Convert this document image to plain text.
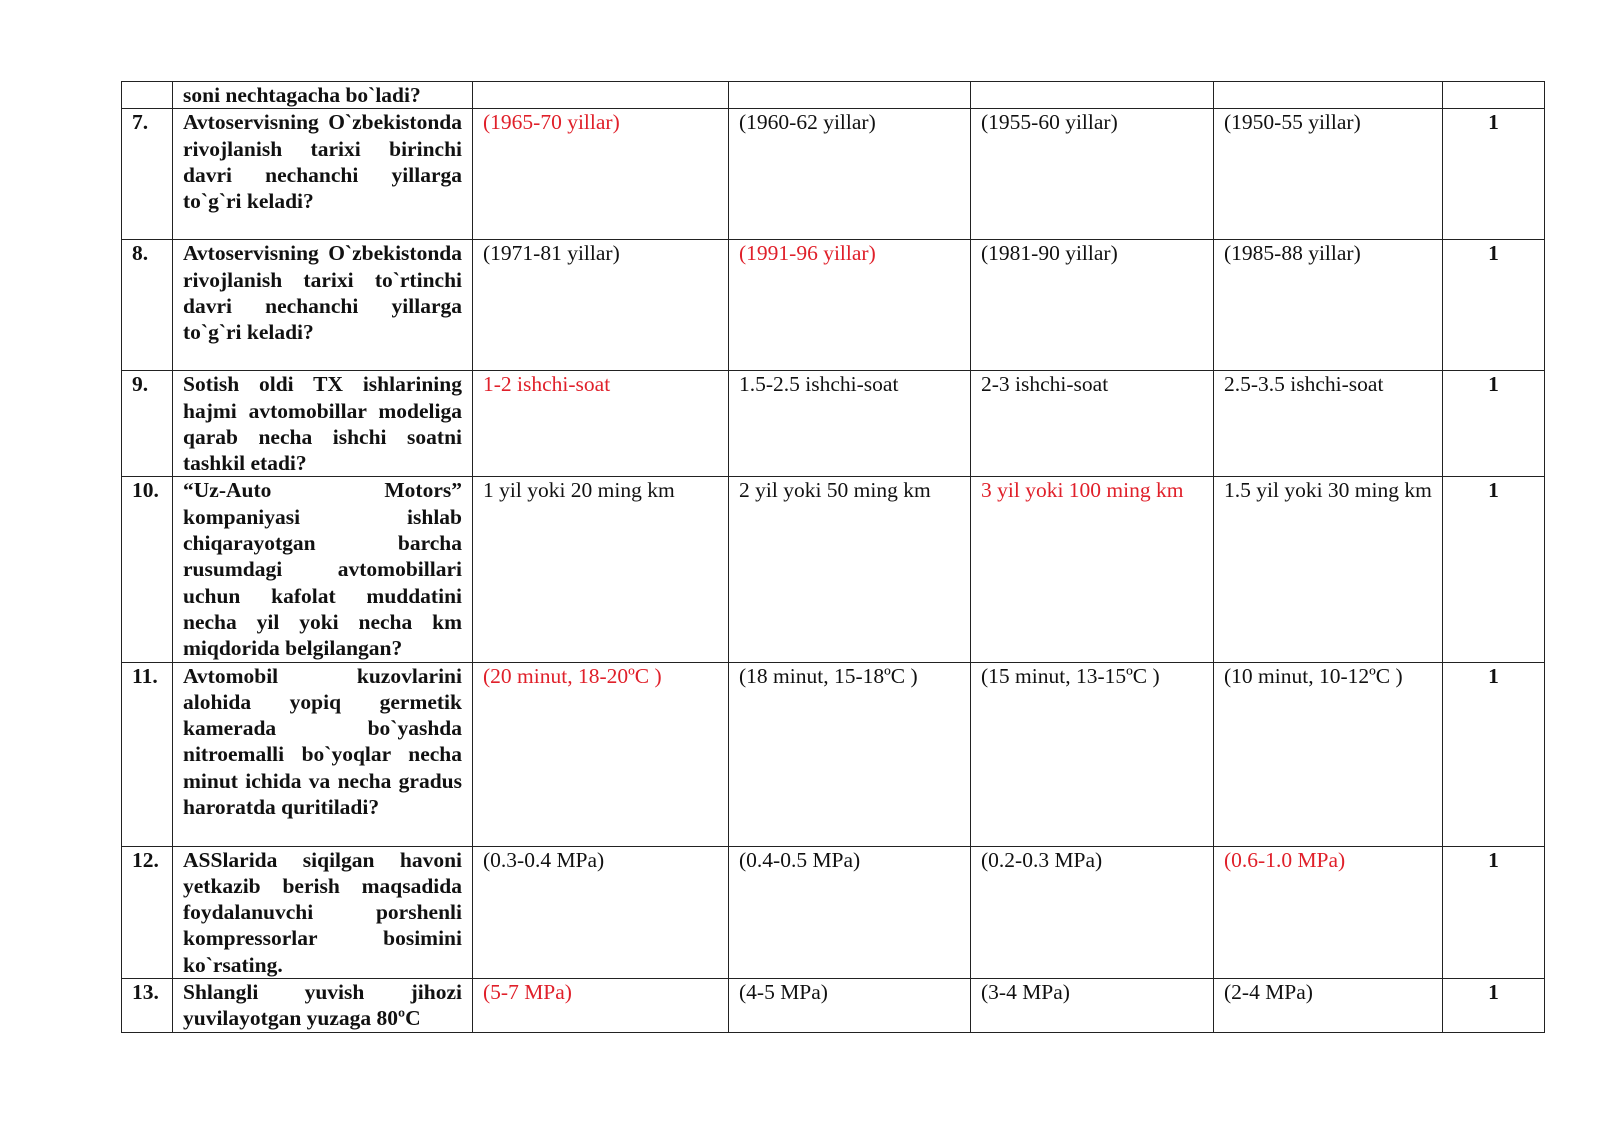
	soni nechtagacha bo`ladi?					
7.	Avtoservisning O`zbekistonda rivojlanish tarixi birinchi davri nechanchi yillarga to`g`ri keladi?	(1965-70 yillar)	(1960-62 yillar)	(1955-60 yillar)	(1950-55 yillar)	1
8.	Avtoservisning O`zbekistonda rivojlanish tarixi to`rtinchi davri nechanchi yillarga to`g`ri keladi?	(1971-81 yillar)	(1991-96 yillar)	(1981-90 yillar)	(1985-88 yillar)	1
9.	Sotish oldi TX ishlarining hajmi avtomobillar modeliga qarab necha ishchi soatni tashkil etadi?	1-2 ishchi-soat	1.5-2.5 ishchi-soat	2-3 ishchi-soat	2.5-3.5 ishchi-soat	1
10.	“Uz-Auto Motors” kompaniyasi ishlab chiqarayotgan barcha rusumdagi avtomobillari uchun kafolat muddatini necha yil yoki necha km miqdorida belgilangan?	1 yil yoki 20 ming km	2 yil yoki 50 ming km	3 yil yoki 100 ming km	1.5 yil yoki 30 ming km	1
11.	Avtomobil kuzovlarini alohida yopiq germetik kamerada bo`yashda nitroemalli bo`yoqlar necha minut ichida va necha gradus haroratda quritiladi?	(20 minut, 18-20ºC )	(18 minut, 15-18ºC )	(15 minut, 13-15ºC )	(10 minut, 10-12ºC )	1
12.	ASSlarida siqilgan havoni yetkazib berish maqsadida foydalanuvchi porshenli kompressorlar bosimini ko`rsating.	(0.3-0.4 MPa)	(0.4-0.5 MPa)	(0.2-0.3 MPa)	(0.6-1.0 MPa)	1
13.	Shlangli yuvish jihozi yuvilayotgan yuzaga 80ºC	(5-7 MPa)	(4-5 MPa)	(3-4 MPa)	(2-4 MPa)	1
